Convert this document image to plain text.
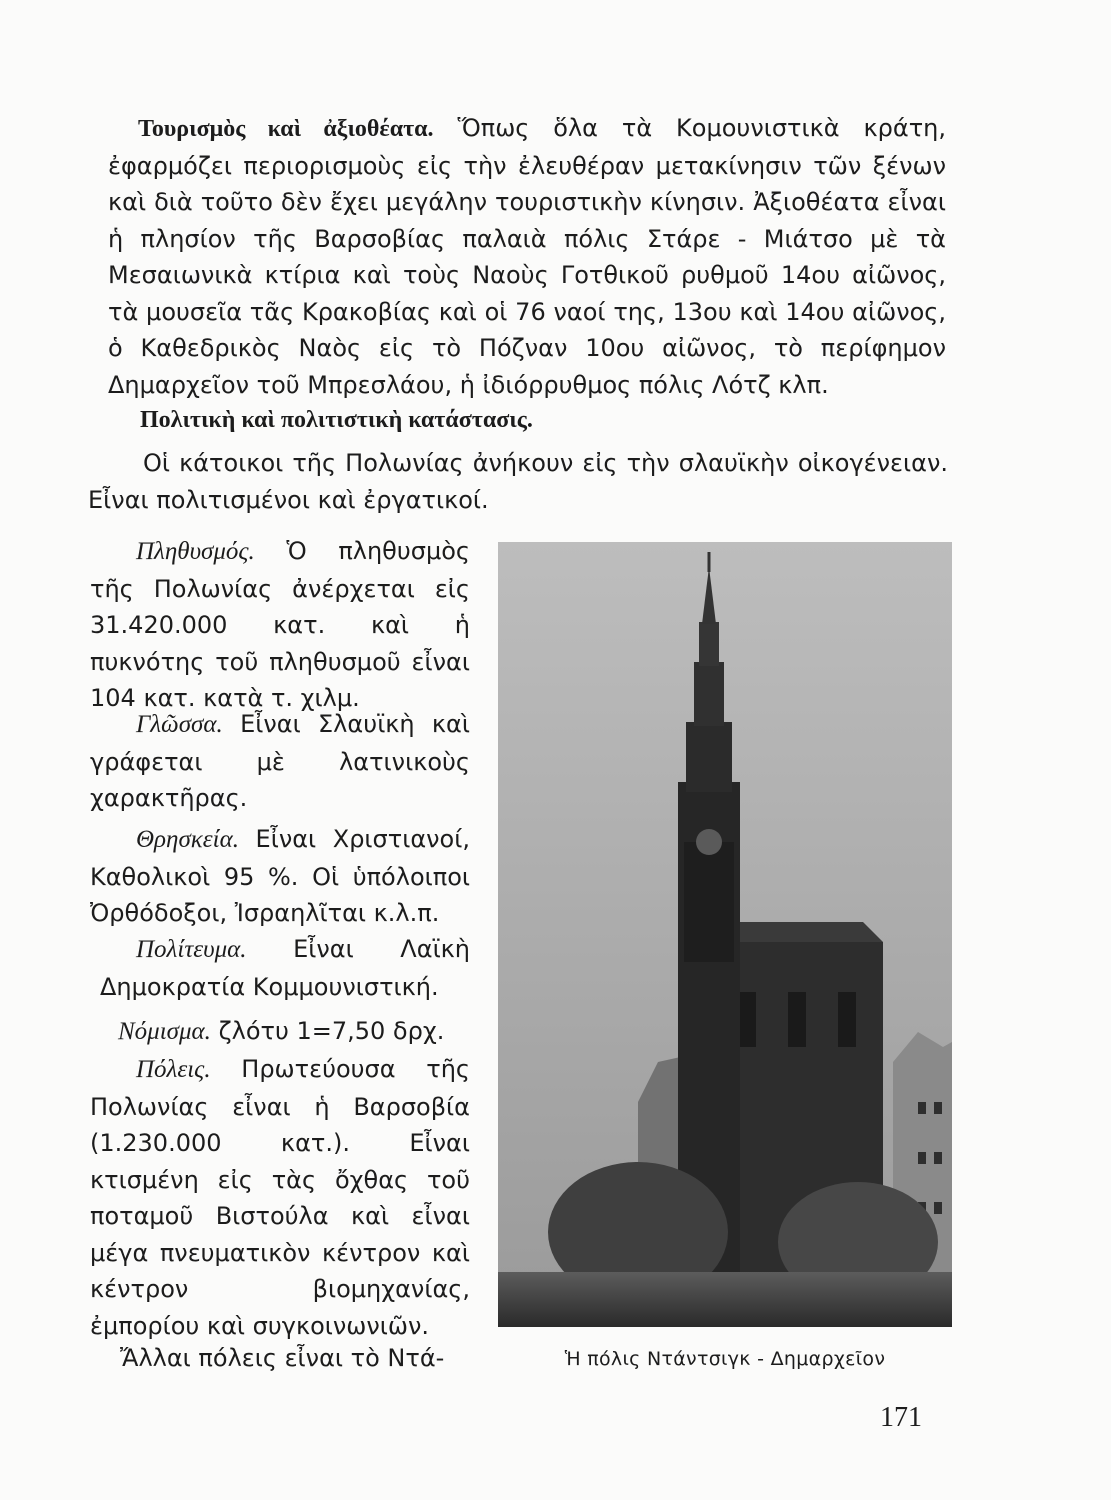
Τουρισμὸς καὶ ἀξιοθέατα. Ὅπως ὅλα τὰ Κομουνιστικὰ κράτη, ἐφαρμόζει περιορισμοὺς εἰς τὴν ἐλευθέραν μετακίνησιν τῶν ξένων καὶ διὰ τοῦτο δὲν ἔχει μεγάλην τουριστικὴν κίνησιν. Ἀξιοθέατα εἶναι ἡ πλησίον τῆς Βαρσοβίας παλαιὰ πόλις Στάρε - Μιάτσο μὲ τὰ Μεσαιωνικὰ κτίρια καὶ τοὺς Ναοὺς Γοτθικοῦ ρυθμοῦ 14ου αἰῶνος, τὰ μουσεῖα τᾶς Κρακοβίας καὶ οἱ 76 ναοί της, 13ου καὶ 14ου αἰῶνος, ὁ Καθεδρικὸς Ναὸς εἰς τὸ Πόζναν 10ου αἰῶνος, τὸ περίφημον Δημαρχεῖον τοῦ Μπρεσλάου, ἡ ἰδιόρρυθμος πόλις Λότζ κλπ.

Πολιτικὴ καὶ πολιτιστικὴ κατάστασις.

Οἱ κάτοικοι τῆς Πολωνίας ἀνήκουν εἰς τὴν σλαυϊκὴν οἰκογένειαν. Εἶναι πολιτισμένοι καὶ ἐργατικοί.

Πληθυσμός. Ὁ πληθυσμὸς τῆς Πολωνίας ἀνέρχεται εἰς 31.420.000 κατ. καὶ ἡ πυκνότης τοῦ πληθυσμοῦ εἶναι 104 κατ. κατὰ τ. χιλμ.

Γλῶσσα. Εἶναι Σλαυϊκὴ καὶ γράφεται μὲ λατινικοὺς χαρακτῆρας.

Θρησκεία. Εἶναι Χριστιανοί, Καθολικοὶ 95 %. Οἱ ὑπόλοιποι Ὀρθόδοξοι, Ἰσραηλῖται κ.λ.π.

Πολίτευμα. Εἶναι Λαϊκὴ Δημοκρατία Κομμουνιστική.

Νόμισμα. ζλότυ 1=7,50 δρχ.

Πόλεις. Πρωτεύουσα τῆς Πολωνίας εἶναι ἡ Βαρσοβία (1.230.000 κατ.). Εἶναι κτισμένη εἰς τὰς ὄχθας τοῦ ποταμοῦ Βιστούλα καὶ εἶναι μέγα πνευματικὸν κέντρον καὶ κέντρον βιομηχανίας, ἐμπορίου καὶ συγκοινωνιῶν.

Ἄλλαι πόλεις εἶναι τὸ Ντά-	Ἡ πόλις Ντάντσιγκ - Δημαρχεῖον
171
